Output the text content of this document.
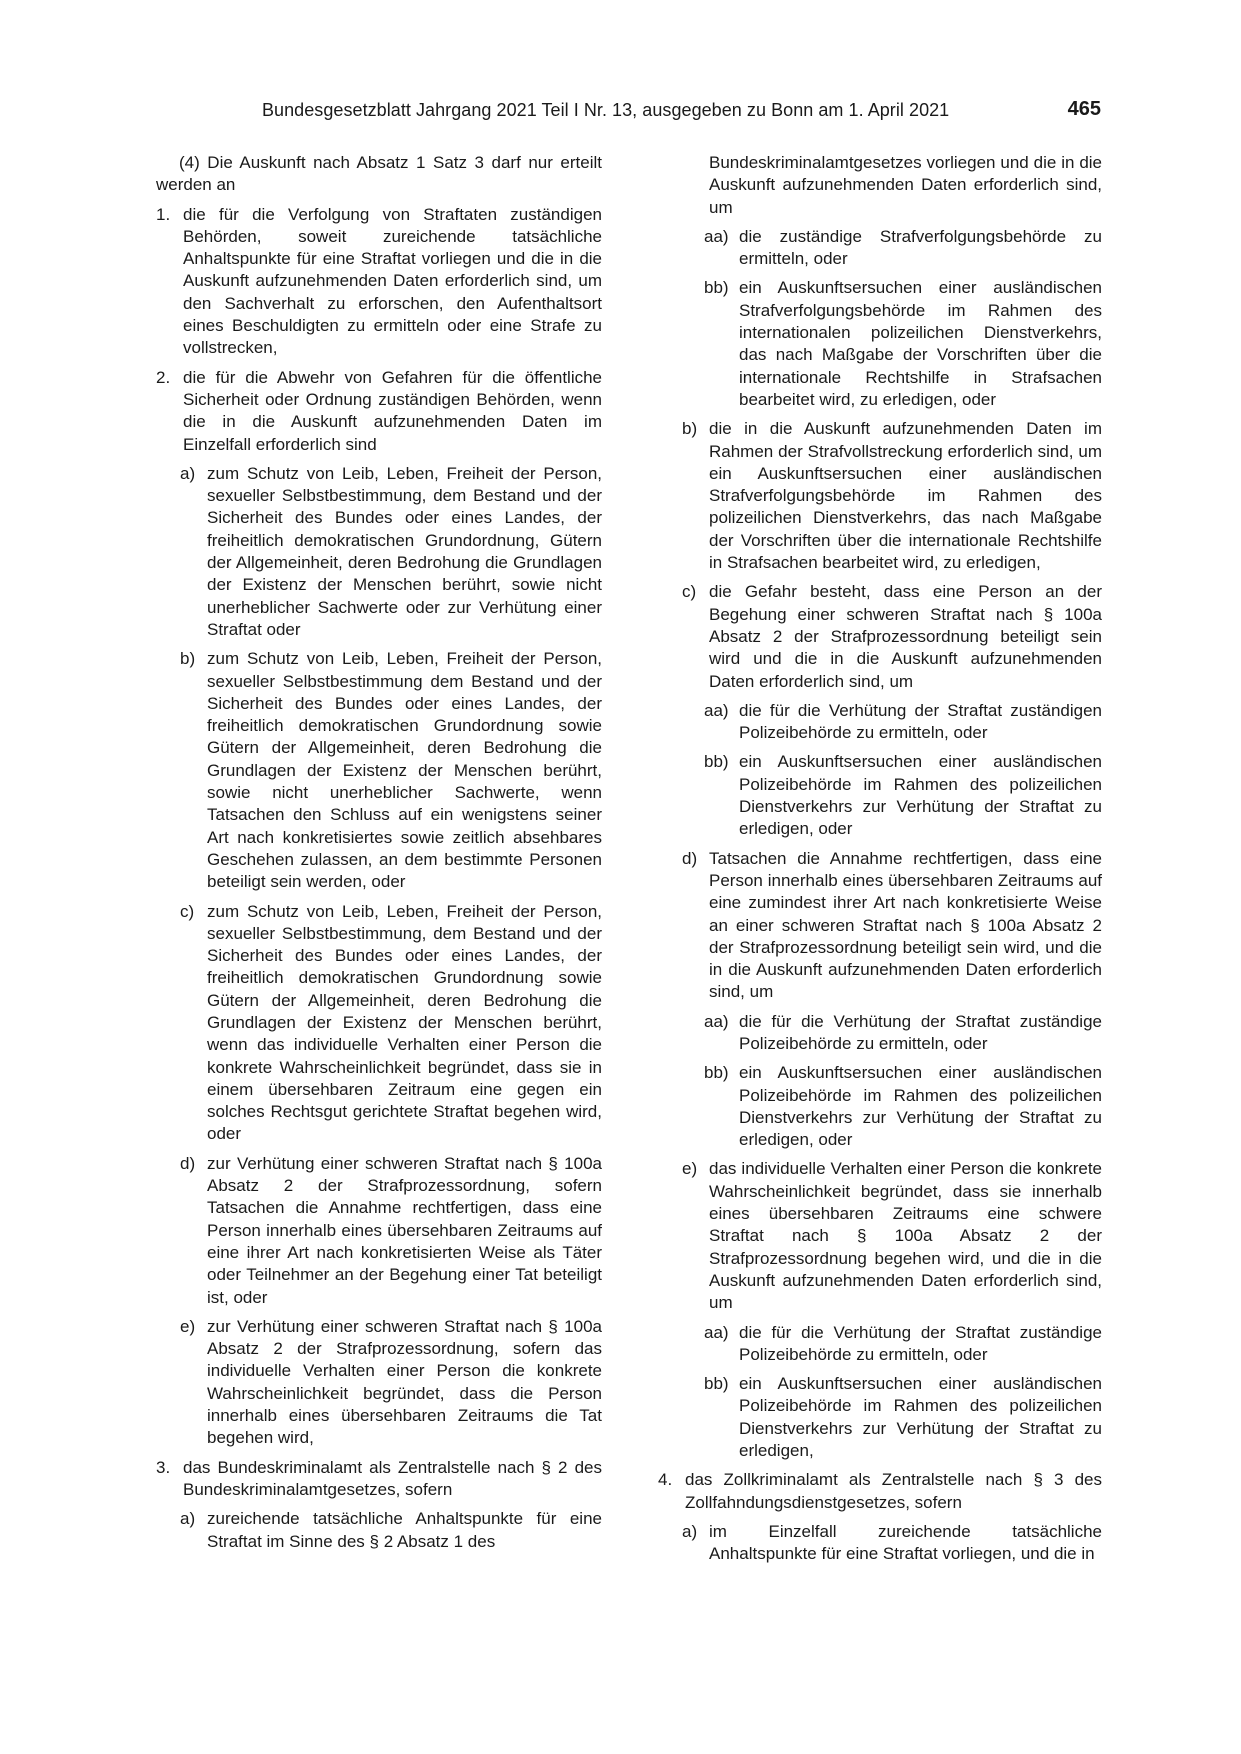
Bundesgesetzblatt Jahrgang 2021 Teil I Nr. 13, ausgegeben zu Bonn am 1. April 2021	465

(4) Die Auskunft nach Absatz 1 Satz 3 darf nur erteilt werden an

1. die für die Verfolgung von Straftaten zuständigen Behörden, soweit zureichende tatsächliche Anhaltspunkte für eine Straftat vorliegen und die in die Auskunft aufzunehmenden Daten erforderlich sind, um den Sachverhalt zu erforschen, den Aufenthaltsort eines Beschuldigten zu ermitteln oder eine Strafe zu vollstrecken,
2. die für die Abwehr von Gefahren für die öffentliche Sicherheit oder Ordnung zuständigen Behörden, wenn die in die Auskunft aufzunehmenden Daten im Einzelfall erforderlich sind
a) zum Schutz von Leib, Leben, Freiheit der Person, sexueller Selbstbestimmung, dem Bestand und der Sicherheit des Bundes oder eines Landes, der freiheitlich demokratischen Grundordnung, Gütern der Allgemeinheit, deren Bedrohung die Grundlagen der Existenz der Menschen berührt, sowie nicht unerheblicher Sachwerte oder zur Verhütung einer Straftat oder
b) zum Schutz von Leib, Leben, Freiheit der Person, sexueller Selbstbestimmung dem Bestand und der Sicherheit des Bundes oder eines Landes, der freiheitlich demokratischen Grundordnung sowie Gütern der Allgemeinheit, deren Bedrohung die Grundlagen der Existenz der Menschen berührt, sowie nicht unerheblicher Sachwerte, wenn Tatsachen den Schluss auf ein wenigstens seiner Art nach konkretisiertes sowie zeitlich absehbares Geschehen zulassen, an dem bestimmte Personen beteiligt sein werden, oder
c) zum Schutz von Leib, Leben, Freiheit der Person, sexueller Selbstbestimmung, dem Bestand und der Sicherheit des Bundes oder eines Landes, der freiheitlich demokratischen Grundordnung sowie Gütern der Allgemeinheit, deren Bedrohung die Grundlagen der Existenz der Menschen berührt, wenn das individuelle Verhalten einer Person die konkrete Wahrscheinlichkeit begründet, dass sie in einem übersehbaren Zeitraum eine gegen ein solches Rechtsgut gerichtete Straftat begehen wird, oder
d) zur Verhütung einer schweren Straftat nach § 100a Absatz 2 der Strafprozessordnung, sofern Tatsachen die Annahme rechtfertigen, dass eine Person innerhalb eines übersehbaren Zeitraums auf eine ihrer Art nach konkretisierten Weise als Täter oder Teilnehmer an der Begehung einer Tat beteiligt ist, oder
e) zur Verhütung einer schweren Straftat nach § 100a Absatz 2 der Strafprozessordnung, sofern das individuelle Verhalten einer Person die konkrete Wahrscheinlichkeit begründet, dass die Person innerhalb eines übersehbaren Zeitraums die Tat begehen wird,
3. das Bundeskriminalamt als Zentralstelle nach § 2 des Bundeskriminalamtgesetzes, sofern
a) zureichende tatsächliche Anhaltspunkte für eine Straftat im Sinne des § 2 Absatz 1 des

Bundeskriminalamtgesetzes vorliegen und die in die Auskunft aufzunehmenden Daten erforderlich sind, um

aa) die zuständige Strafverfolgungsbehörde zu ermitteln, oder
bb) ein Auskunftsersuchen einer ausländischen Strafverfolgungsbehörde im Rahmen des internationalen polizeilichen Dienstverkehrs, das nach Maßgabe der Vorschriften über die internationale Rechtshilfe in Strafsachen bearbeitet wird, zu erledigen, oder
b) die in die Auskunft aufzunehmenden Daten im Rahmen der Strafvollstreckung erforderlich sind, um ein Auskunftsersuchen einer ausländischen Strafverfolgungsbehörde im Rahmen des polizeilichen Dienstverkehrs, das nach Maßgabe der Vorschriften über die internationale Rechtshilfe in Strafsachen bearbeitet wird, zu erledigen,
c) die Gefahr besteht, dass eine Person an der Begehung einer schweren Straftat nach § 100a Absatz 2 der Strafprozessordnung beteiligt sein wird und die in die Auskunft aufzunehmenden Daten erforderlich sind, um
aa) die für die Verhütung der Straftat zuständigen Polizeibehörde zu ermitteln, oder
bb) ein Auskunftsersuchen einer ausländischen Polizeibehörde im Rahmen des polizeilichen Dienstverkehrs zur Verhütung der Straftat zu erledigen, oder
d) Tatsachen die Annahme rechtfertigen, dass eine Person innerhalb eines übersehbaren Zeitraums auf eine zumindest ihrer Art nach konkretisierte Weise an einer schweren Straftat nach § 100a Absatz 2 der Strafprozessordnung beteiligt sein wird, und die in die Auskunft aufzunehmenden Daten erforderlich sind, um
aa) die für die Verhütung der Straftat zuständige Polizeibehörde zu ermitteln, oder
bb) ein Auskunftsersuchen einer ausländischen Polizeibehörde im Rahmen des polizeilichen Dienstverkehrs zur Verhütung der Straftat zu erledigen, oder
e) das individuelle Verhalten einer Person die konkrete Wahrscheinlichkeit begründet, dass sie innerhalb eines übersehbaren Zeitraums eine schwere Straftat nach § 100a Absatz 2 der Strafprozessordnung begehen wird, und die in die Auskunft aufzunehmenden Daten erforderlich sind, um
aa) die für die Verhütung der Straftat zuständige Polizeibehörde zu ermitteln, oder
bb) ein Auskunftsersuchen einer ausländischen Polizeibehörde im Rahmen des polizeilichen Dienstverkehrs zur Verhütung der Straftat zu erledigen,
4. das Zollkriminalamt als Zentralstelle nach § 3 des Zollfahndungsdienstgesetzes, sofern
a) im Einzelfall zureichende tatsächliche Anhaltspunkte für eine Straftat vorliegen, und die in
